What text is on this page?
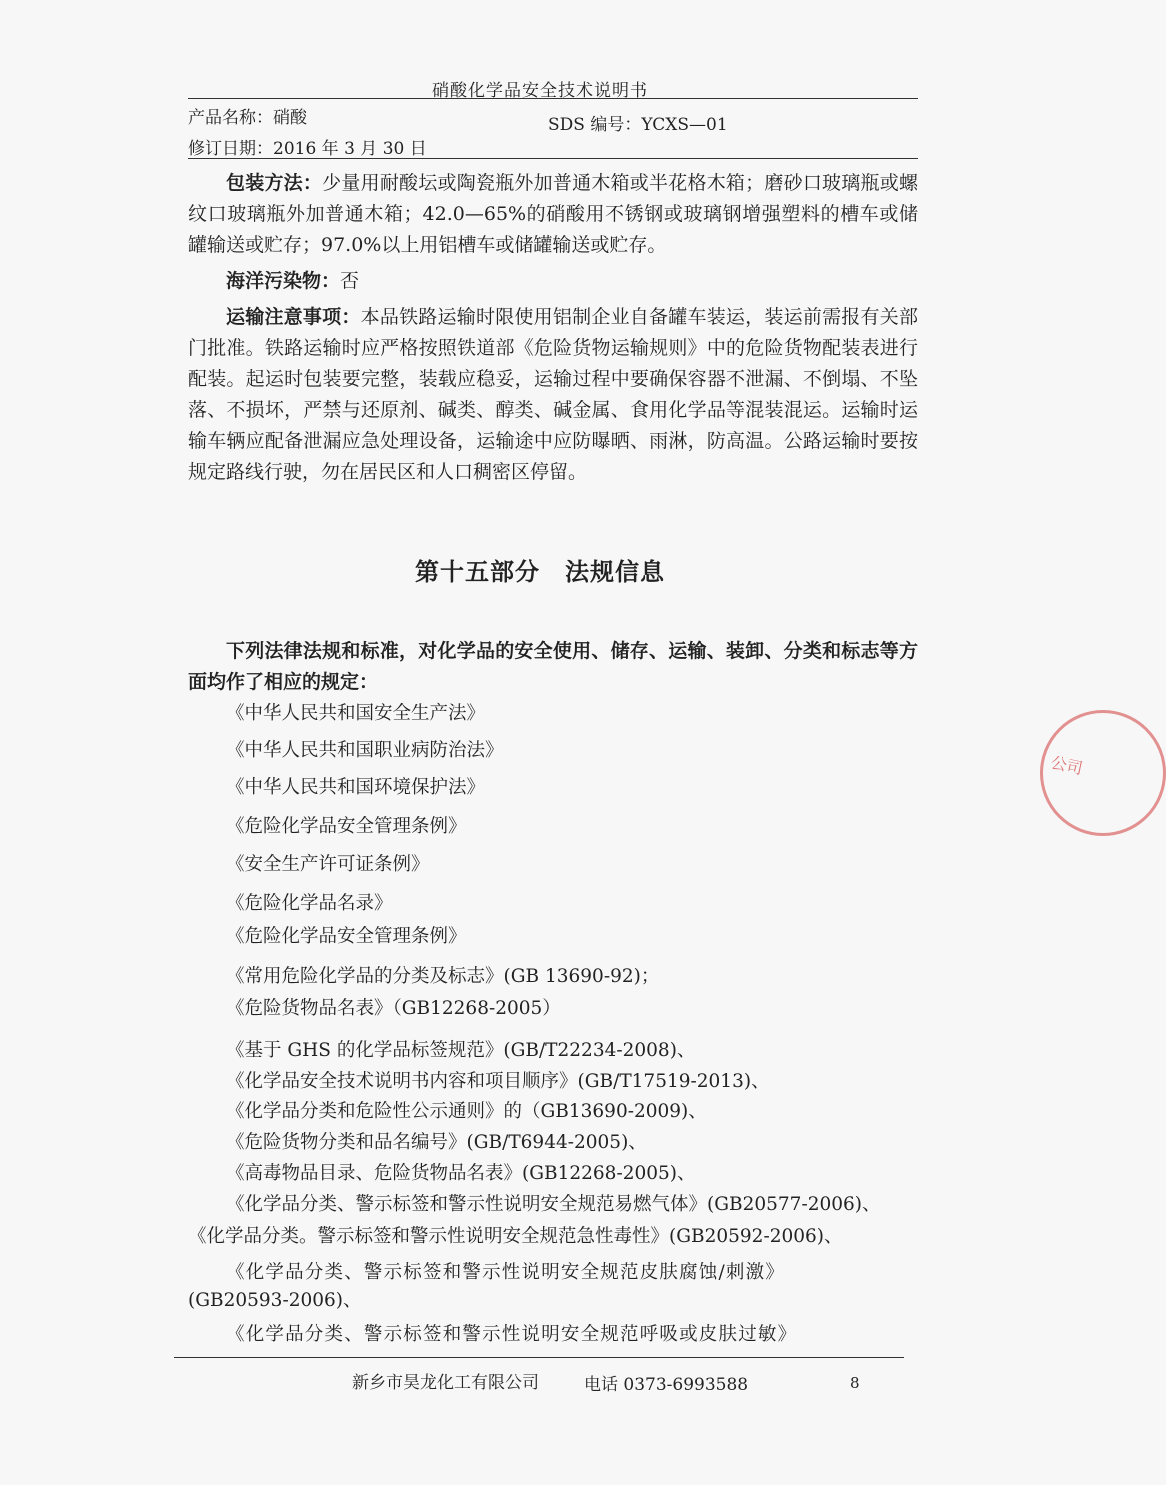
硝酸化学品安全技术说明书
产品名称：硝酸	SDS 编号：YCXS—01
修订日期：2016 年 3 月 30 日
包装方法：少量用耐酸坛或陶瓷瓶外加普通木箱或半花格木箱；磨砂口玻璃瓶或螺纹口玻璃瓶外加普通木箱；42.0—65%的硝酸用不锈钢或玻璃钢增强塑料的槽车或储罐输送或贮存；97.0%以上用铝槽车或储罐输送或贮存。
海洋污染物：否
运输注意事项：本品铁路运输时限使用铝制企业自备罐车装运，装运前需报有关部门批准。铁路运输时应严格按照铁道部《危险货物运输规则》中的危险货物配装表进行配装。起运时包装要完整，装载应稳妥，运输过程中要确保容器不泄漏、不倒塌、不坠落、不损坏，严禁与还原剂、碱类、醇类、碱金属、食用化学品等混装混运。运输时运输车辆应配备泄漏应急处理设备，运输途中应防曝晒、雨淋，防高温。公路运输时要按规定路线行驶，勿在居民区和人口稠密区停留。
第十五部分　法规信息
下列法律法规和标准，对化学品的安全使用、储存、运输、装卸、分类和标志等方面均作了相应的规定：
《中华人民共和国安全生产法》
《中华人民共和国职业病防治法》
《中华人民共和国环境保护法》
《危险化学品安全管理条例》
《安全生产许可证条例》
《危险化学品名录》
《危险化学品安全管理条例》
《常用危险化学品的分类及标志》(GB 13690-92)；
《危险货物品名表》（GB12268-2005）
《基于 GHS 的化学品标签规范》(GB/T22234-2008)、
《化学品安全技术说明书内容和项目顺序》(GB/T17519-2013)、
《化学品分类和危险性公示通则》的（GB13690-2009)、
《危险货物分类和品名编号》(GB/T6944-2005)、
《高毒物品目录、危险货物品名表》(GB12268-2005)、
《化学品分类、警示标签和警示性说明安全规范易燃气体》(GB20577-2006)、
《化学品分类。警示标签和警示性说明安全规范急性毒性》(GB20592-2006)、
《化学品分类、警示标签和警示性说明安全规范皮肤腐蚀/刺激》
(GB20593-2006)、
《化学品分类、警示标签和警示性说明安全规范呼吸或皮肤过敏》
新乡市昊龙化工有限公司	电话 0373-6993588	8
公司
